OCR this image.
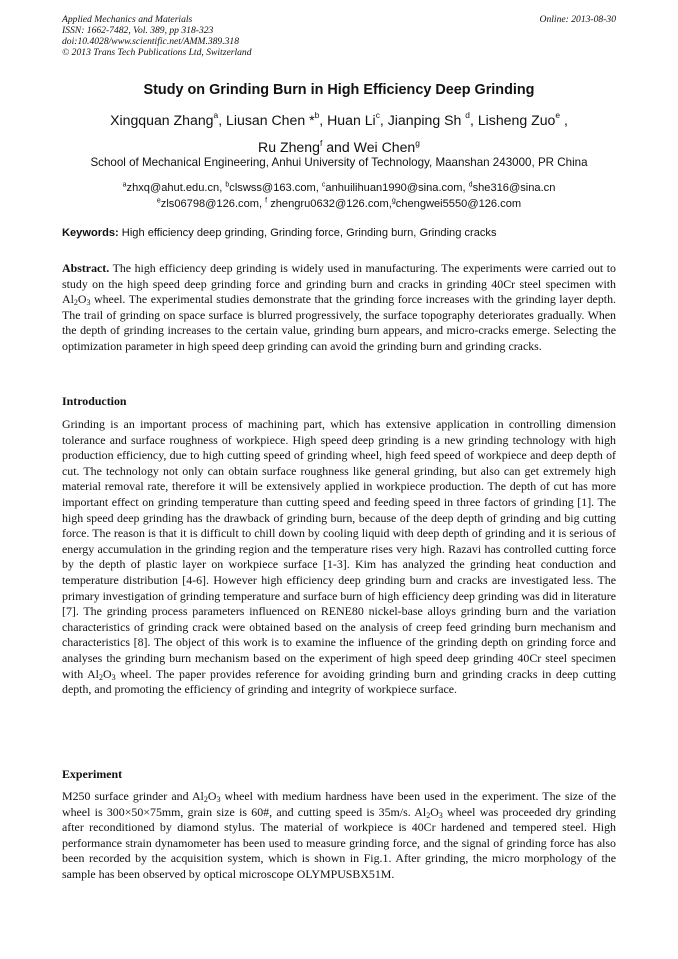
Applied Mechanics and Materials
ISSN: 1662-7482, Vol. 389, pp 318-323
doi:10.4028/www.scientific.net/AMM.389.318
© 2013 Trans Tech Publications Ltd, Switzerland
Online: 2013-08-30
Study on Grinding Burn in High Efficiency Deep Grinding
Xingquan Zhang$^a$, Liusan Chen *$^b$, Huan Li$^c$, Jianping Sh $^d$, Lisheng Zuo$^e$ ,
Ru Zheng$^f$ and Wei Chen$^g$
School of Mechanical Engineering, Anhui University of Technology, Maanshan 243000, PR China
$^a$zhxq@ahut.edu.cn, $^b$clswss@163.com, $^c$anhuilihuan1990@sina.com, $^d$she316@sina.cn
$^e$zls06798@126.com, $^f$ zhengru0632@126.com,$^g$chengwei5550@126.com
Keywords: High efficiency deep grinding, Grinding force, Grinding burn, Grinding cracks
Abstract. The high efficiency deep grinding is widely used in manufacturing. The experiments were carried out to study on the high speed deep grinding force and grinding burn and cracks in grinding 40Cr steel specimen with $Al_2O_3$ wheel. The experimental studies demonstrate that the grinding force increases with the grinding layer depth. The trail of grinding on space surface is blurred progressively, the surface topography deteriorates gradually. When the depth of grinding increases to the certain value, grinding burn appears, and micro-cracks emerge. Selecting the optimization parameter in high speed deep grinding can avoid the grinding burn and grinding cracks.
Introduction
Grinding is an important process of machining part, which has extensive application in controlling dimension tolerance and surface roughness of workpiece. High speed deep grinding is a new grinding technology with high production efficiency, due to high cutting speed of grinding wheel, high feed speed of workpiece and deep depth of cut. The technology not only can obtain surface roughness like general grinding, but also can get extremely high material removal rate, therefore it will be extensively applied in workpiece production. The depth of cut has more important effect on grinding temperature than cutting speed and feeding speed in three factors of grinding [1]. The high speed deep grinding has the drawback of grinding burn, because of the deep depth of grinding and big cutting force. The reason is that it is difficult to chill down by cooling liquid with deep depth of grinding and it is serious of energy accumulation in the grinding region and the temperature rises very high. Razavi has controlled cutting force by the depth of plastic layer on workpiece surface [1-3]. Kim has analyzed the grinding heat conduction and temperature distribution [4-6]. However high efficiency deep grinding burn and cracks are investigated less. The primary investigation of grinding temperature and surface burn of high efficiency deep grinding was did in literature [7]. The grinding process parameters influenced on RENE80 nickel-base alloys grinding burn and the variation characteristics of grinding crack were obtained based on the analysis of creep feed grinding burn mechanism and characteristics [8]. The object of this work is to examine the influence of the grinding depth on grinding force and analyses the grinding burn mechanism based on the experiment of high speed deep grinding 40Cr steel specimen with $Al_2O_3$ wheel. The paper provides reference for avoiding grinding burn and grinding cracks in deep cutting depth, and promoting the efficiency of grinding and integrity of workpiece surface.
Experiment
M250 surface grinder and $Al_2O_3$ wheel with medium hardness have been used in the experiment. The size of the wheel is 300×50×75mm, grain size is 60#, and cutting speed is 35m/s. $Al_2O_3$ wheel was proceeded dry grinding after reconditioned by diamond stylus. The material of workpiece is 40Cr hardened and tempered steel. High performance strain dynamometer has been used to measure grinding force, and the signal of grinding force has also been recorded by the acquisition system, which is shown in Fig.1. After grinding, the micro morphology of the sample has been observed by optical microscope OLYMPUSBX51M.
